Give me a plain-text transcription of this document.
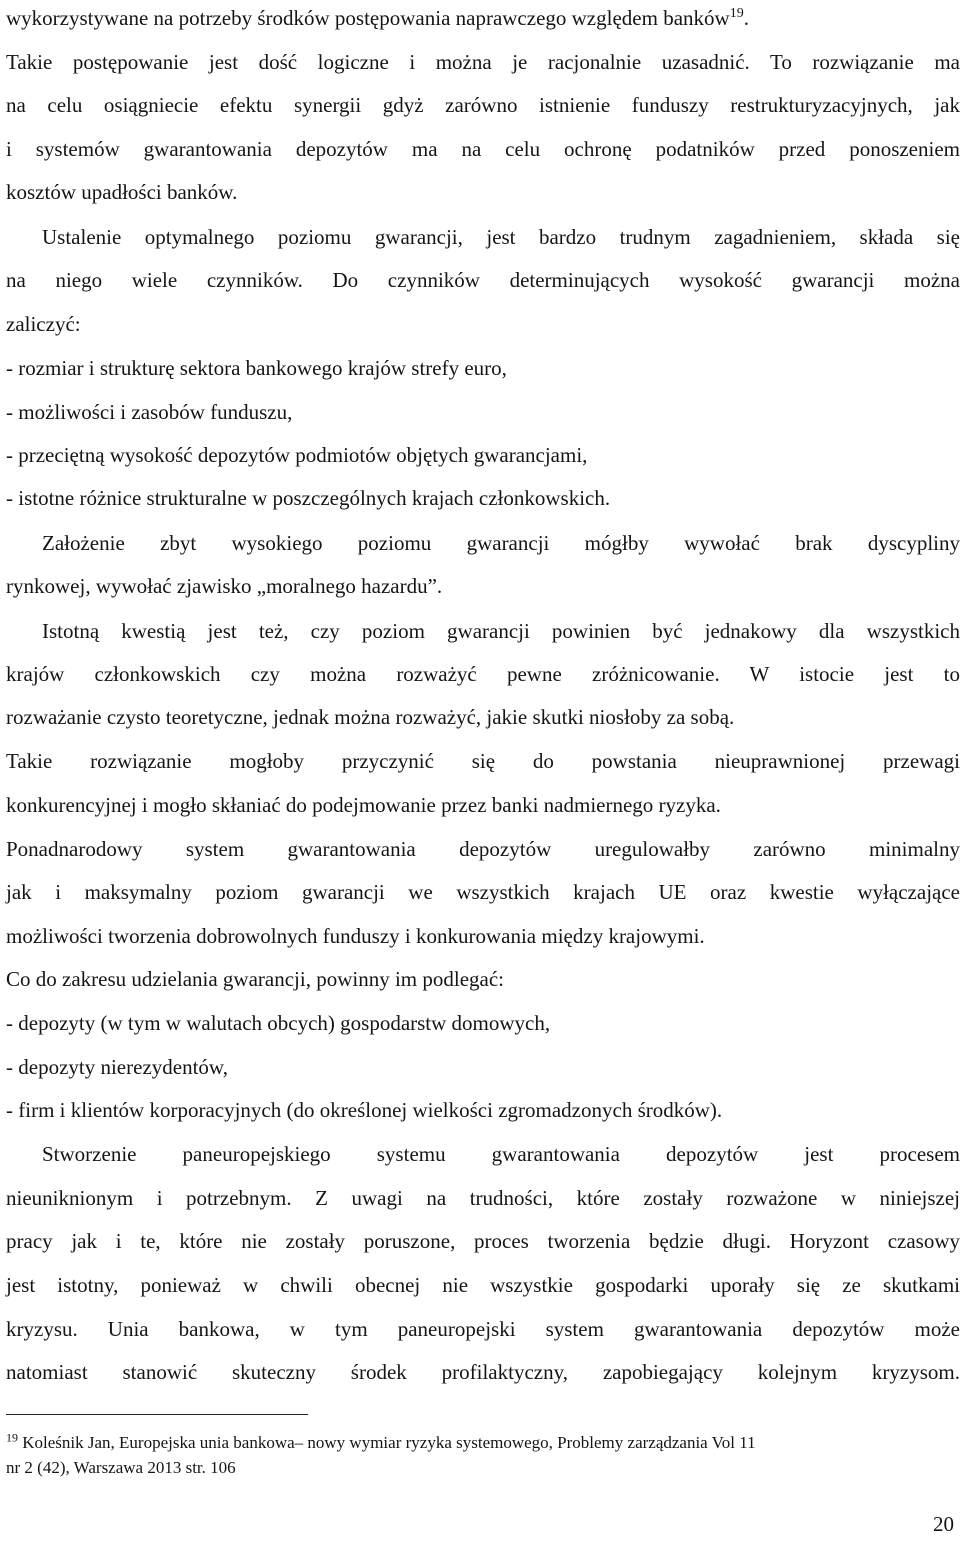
wykorzystywane na potrzeby środków postępowania naprawczego względem banków$^{19}$.
Takie postępowanie jest dość logiczne i można je racjonalnie uzasadnić. To rozwiązanie ma
na celu osiągniecie efektu synergii gdyż zarówno istnienie funduszy restrukturyzacyjnych, jak
i systemów gwarantowania depozytów ma na celu ochronę podatników przed ponoszeniem
kosztów upadłości banków.
Ustalenie optymalnego poziomu gwarancji, jest bardzo trudnym zagadnieniem, składa się
na niego wiele czynników. Do czynników determinujących wysokość gwarancji można
zaliczyć:
- rozmiar i strukturę sektora bankowego krajów strefy euro,
- możliwości i zasobów funduszu,
- przeciętną wysokość depozytów podmiotów objętych gwarancjami,
- istotne różnice strukturalne w poszczególnych krajach członkowskich.
Założenie zbyt wysokiego poziomu gwarancji mógłby wywołać brak dyscypliny
rynkowej, wywołać zjawisko „moralnego hazardu”.
Istotną kwestią jest też, czy poziom gwarancji powinien być jednakowy dla wszystkich
krajów członkowskich czy można rozważyć pewne zróżnicowanie. W istocie jest to
rozważanie czysto teoretyczne, jednak można rozważyć, jakie skutki niosłoby za sobą.
Takie rozwiązanie mogłoby przyczynić się do powstania nieuprawnionej przewagi
konkurencyjnej i mogło skłaniać do podejmowanie przez banki nadmiernego ryzyka.
Ponadnarodowy system gwarantowania depozytów uregulowałby zarówno minimalny
jak i maksymalny poziom gwarancji we wszystkich krajach UE oraz kwestie wyłączające
możliwości tworzenia dobrowolnych funduszy i konkurowania między krajowymi.
Co do zakresu udzielania gwarancji, powinny im podlegać:
- depozyty (w tym w walutach obcych) gospodarstw domowych,
- depozyty nierezydentów,
- firm i klientów korporacyjnych (do określonej wielkości zgromadzonych środków).
Stworzenie paneuropejskiego systemu gwarantowania depozytów jest procesem
nieuniknionym i potrzebnym. Z uwagi na trudności, które zostały rozważone w niniejszej
pracy jak i te, które nie zostały poruszone, proces tworzenia będzie długi. Horyzont czasowy
jest istotny, ponieważ w chwili obecnej nie wszystkie gospodarki uporały się ze skutkami
kryzysu. Unia bankowa, w tym paneuropejski system gwarantowania depozytów może
natomiast stanowić skuteczny środek profilaktyczny, zapobiegający kolejnym kryzysom.
$^{19}$ Koleśnik Jan, Europejska unia bankowa– nowy wymiar ryzyka systemowego, Problemy zarządzania Vol 11
nr 2 (42), Warszawa 2013 str. 106
20
